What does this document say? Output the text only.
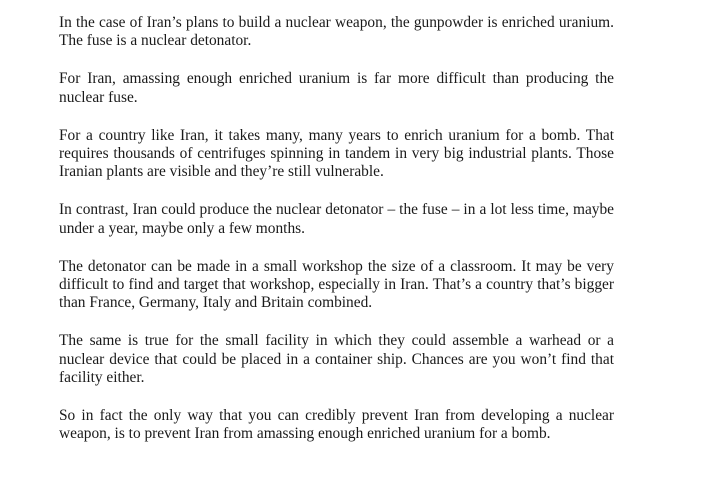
In the case of Iran’s plans to build a nuclear weapon, the gunpowder is enriched uranium. The fuse is a nuclear detonator.

For Iran, amassing enough enriched uranium is far more difficult than producing the nuclear fuse.

For a country like Iran, it takes many, many years to enrich uranium for a bomb. That requires thousands of centrifuges spinning in tandem in very big industrial plants. Those Iranian plants are visible and they’re still vulnerable.

In contrast, Iran could produce the nuclear detonator – the fuse – in a lot less time, maybe under a year, maybe only a few months.

The detonator can be made in a small workshop the size of a classroom. It may be very difficult to find and target that workshop, especially in Iran. That’s a country that’s bigger than France, Germany, Italy and Britain combined.

The same is true for the small facility in which they could assemble a warhead or a nuclear device that could be placed in a container ship. Chances are you won’t find that facility either.

So in fact the only way that you can credibly prevent Iran from developing a nuclear weapon, is to prevent Iran from amassing enough enriched uranium for a bomb.
